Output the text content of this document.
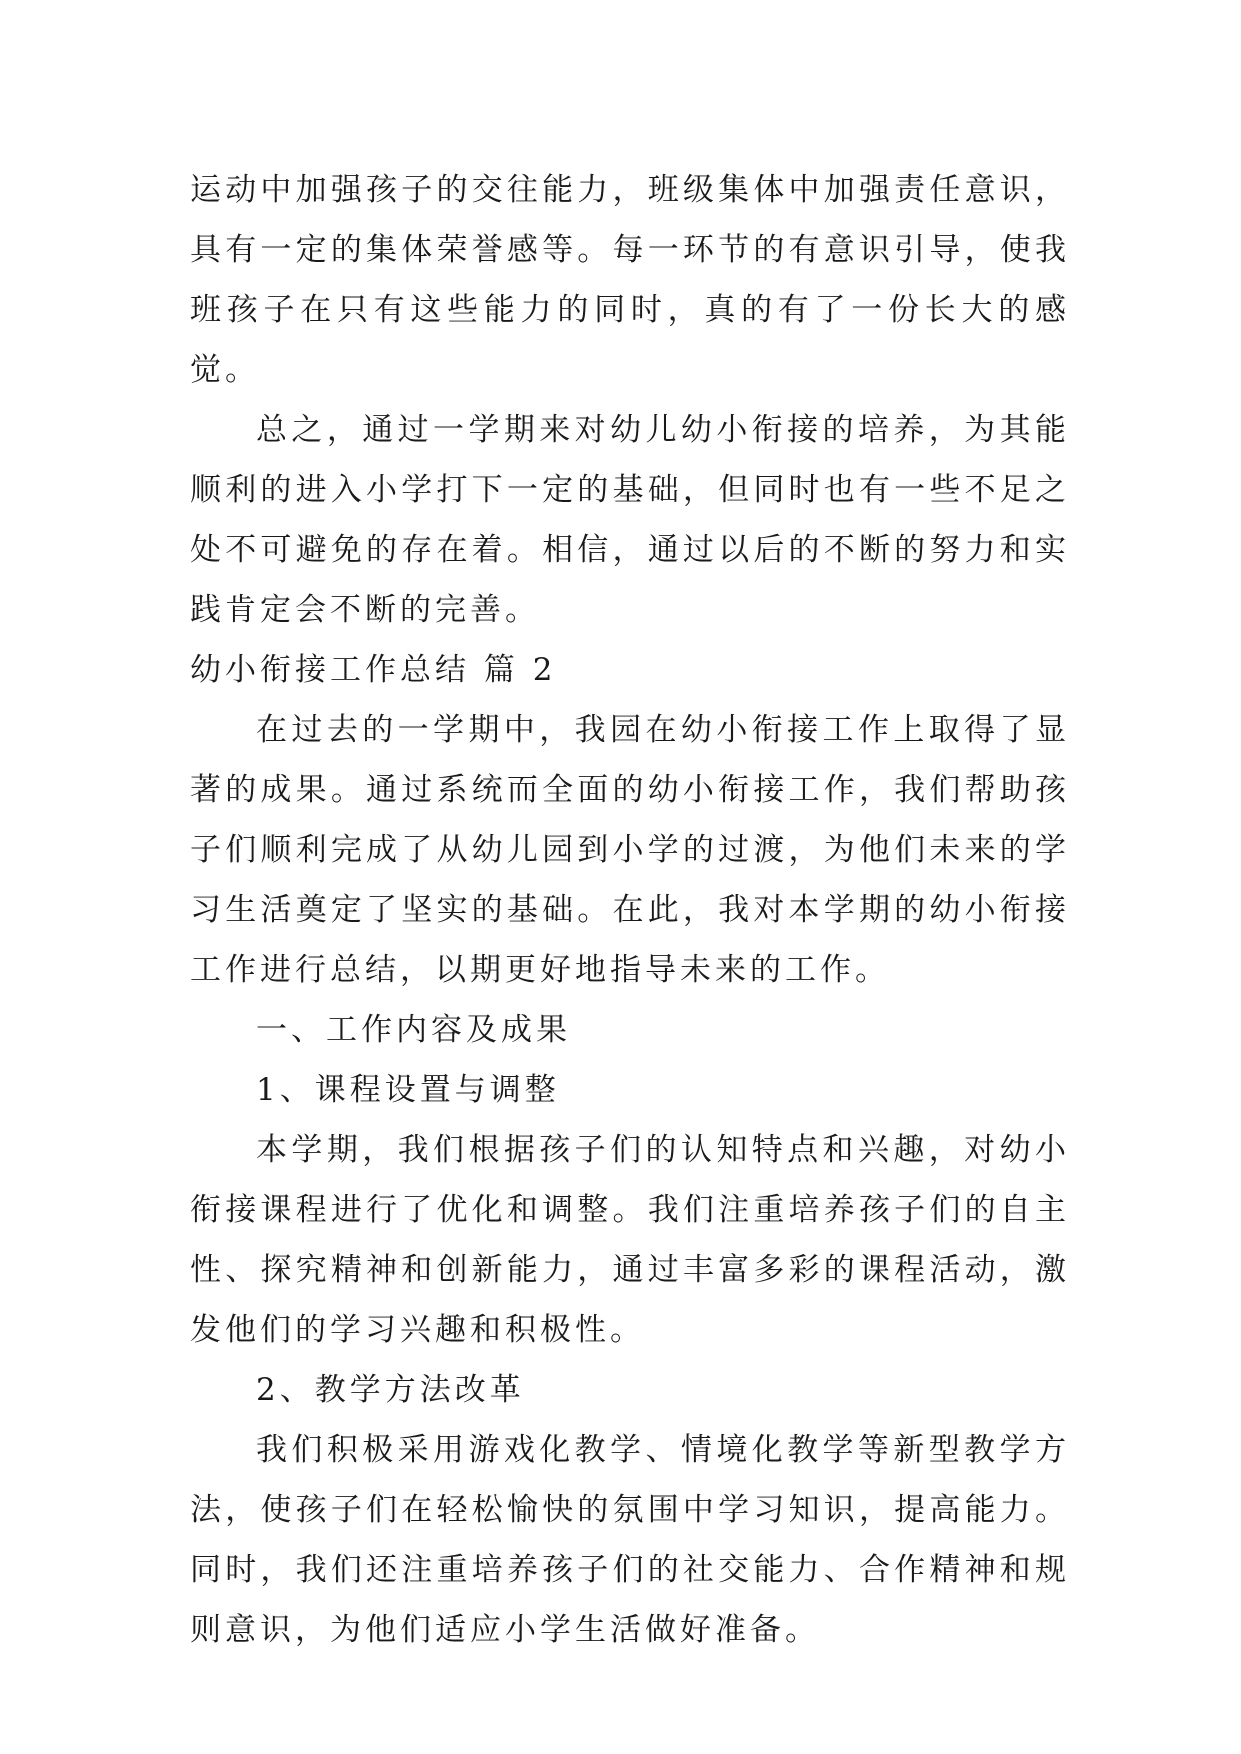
运动中加强孩子的交往能力，班级集体中加强责任意识，具有一定的集体荣誉感等。每一环节的有意识引导，使我班孩子在只有这些能力的同时，真的有了一份长大的感觉。

总之，通过一学期来对幼儿幼小衔接的培养，为其能顺利的进入小学打下一定的基础，但同时也有一些不足之处不可避免的存在着。相信，通过以后的不断的努力和实践肯定会不断的完善。

幼小衔接工作总结 篇 2

在过去的一学期中，我园在幼小衔接工作上取得了显著的成果。通过系统而全面的幼小衔接工作，我们帮助孩子们顺利完成了从幼儿园到小学的过渡，为他们未来的学习生活奠定了坚实的基础。在此，我对本学期的幼小衔接工作进行总结，以期更好地指导未来的工作。

一、工作内容及成果

1、课程设置与调整

本学期，我们根据孩子们的认知特点和兴趣，对幼小衔接课程进行了优化和调整。我们注重培养孩子们的自主性、探究精神和创新能力，通过丰富多彩的课程活动，激发他们的学习兴趣和积极性。

2、教学方法改革

我们积极采用游戏化教学、情境化教学等新型教学方法，使孩子们在轻松愉快的氛围中学习知识，提高能力。同时，我们还注重培养孩子们的社交能力、合作精神和规则意识，为他们适应小学生活做好准备。
